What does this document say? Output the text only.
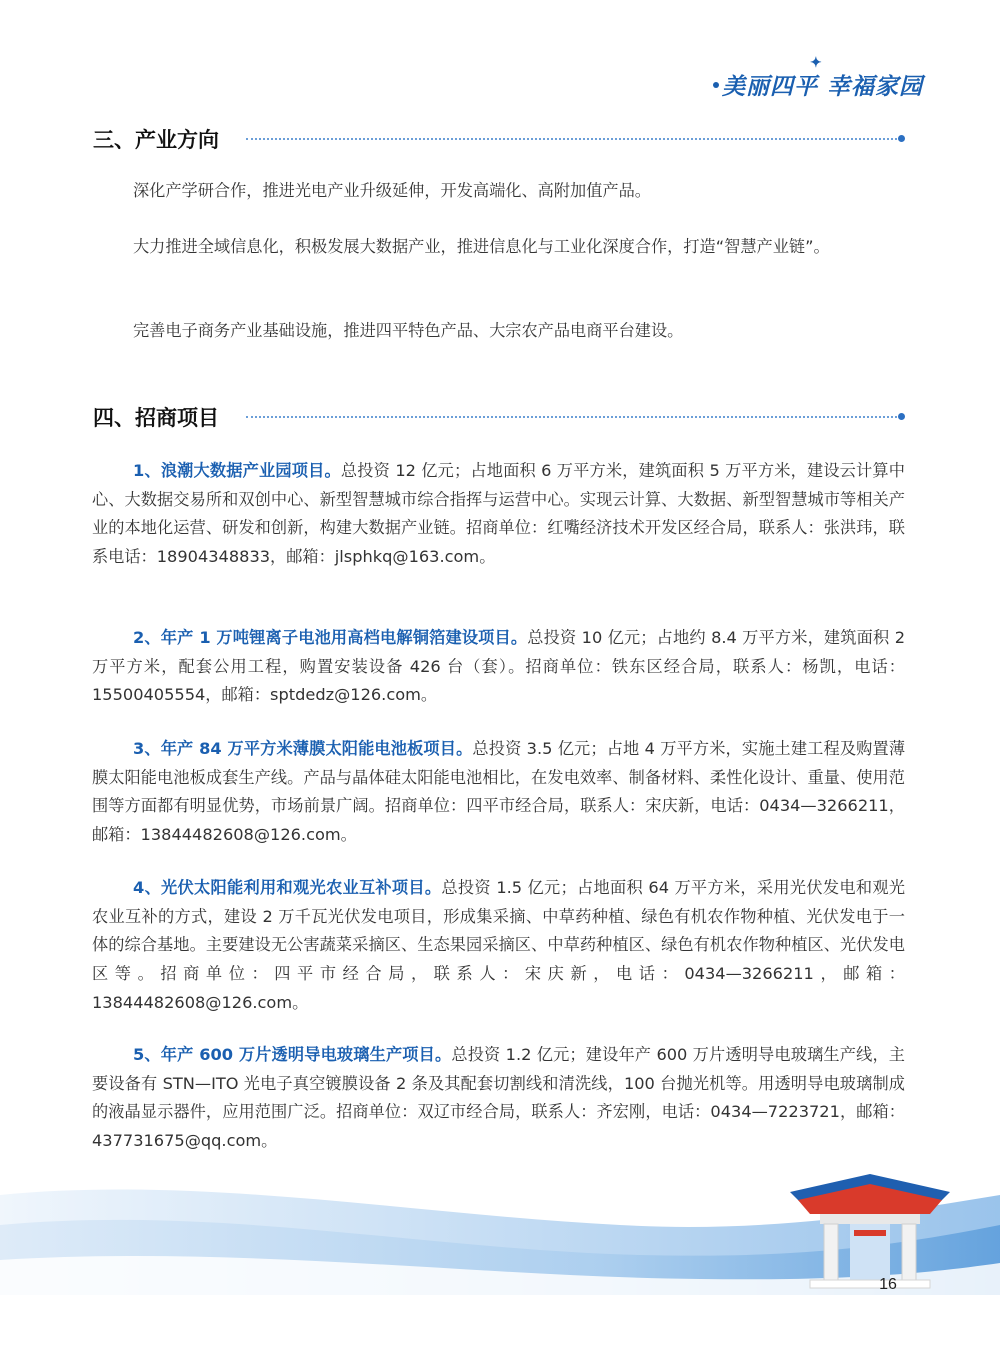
✦
美丽四平 幸福家园
三、产业方向

深化产学研合作，推进光电产业升级延伸，开发高端化、高附加值产品。

大力推进全域信息化，积极发展大数据产业，推进信息化与工业化深度合作，打造“智慧产业链”。

完善电子商务产业基础设施，推进四平特色产品、大宗农产品电商平台建设。

四、招商项目

1、浪潮大数据产业园项目。总投资 12 亿元；占地面积 6 万平方米，建筑面积 5 万平方米，建设云计算中心、大数据交易所和双创中心、新型智慧城市综合指挥与运营中心。实现云计算、大数据、新型智慧城市等相关产业的本地化运营、研发和创新，构建大数据产业链。招商单位：红嘴经济技术开发区经合局，联系人：张洪玮，联系电话：18904348833，邮箱：jlsphkq@163.com。

2、年产 1 万吨锂离子电池用高档电解铜箔建设项目。总投资 10 亿元；占地约 8.4 万平方米，建筑面积 2 万平方米，配套公用工程，购置安装设备 426 台（套）。招商单位：铁东区经合局，联系人：杨凯，电话：15500405554，邮箱：sptdedz@126.com。

3、年产 84 万平方米薄膜太阳能电池板项目。总投资 3.5 亿元；占地 4 万平方米，实施土建工程及购置薄膜太阳能电池板成套生产线。产品与晶体硅太阳能电池相比，在发电效率、制备材料、柔性化设计、重量、使用范围等方面都有明显优势，市场前景广阔。招商单位：四平市经合局，联系人：宋庆新，电话：0434—3266211，邮箱：13844482608@126.com。

4、光伏太阳能利用和观光农业互补项目。总投资 1.5 亿元；占地面积 64 万平方米，采用光伏发电和观光农业互补的方式，建设 2 万千瓦光伏发电项目，形成集采摘、中草药种植、绿色有机农作物种植、光伏发电于一体的综合基地。主要建设无公害蔬菜采摘区、生态果园采摘区、中草药种植区、绿色有机农作物种植区、光伏发电区等。招商单位：四平市经合局，联系人：宋庆新，电话：0434—3266211，邮箱：13844482608@126.com。

5、年产 600 万片透明导电玻璃生产项目。总投资 1.2 亿元；建设年产 600 万片透明导电玻璃生产线，主要设备有 STN—ITO 光电子真空镀膜设备 2 条及其配套切割线和清洗线，100 台抛光机等。用透明导电玻璃制成的液晶显示器件，应用范围广泛。招商单位：双辽市经合局，联系人：齐宏刚，电话：0434—7223721，邮箱：437731675@qq.com。

16
